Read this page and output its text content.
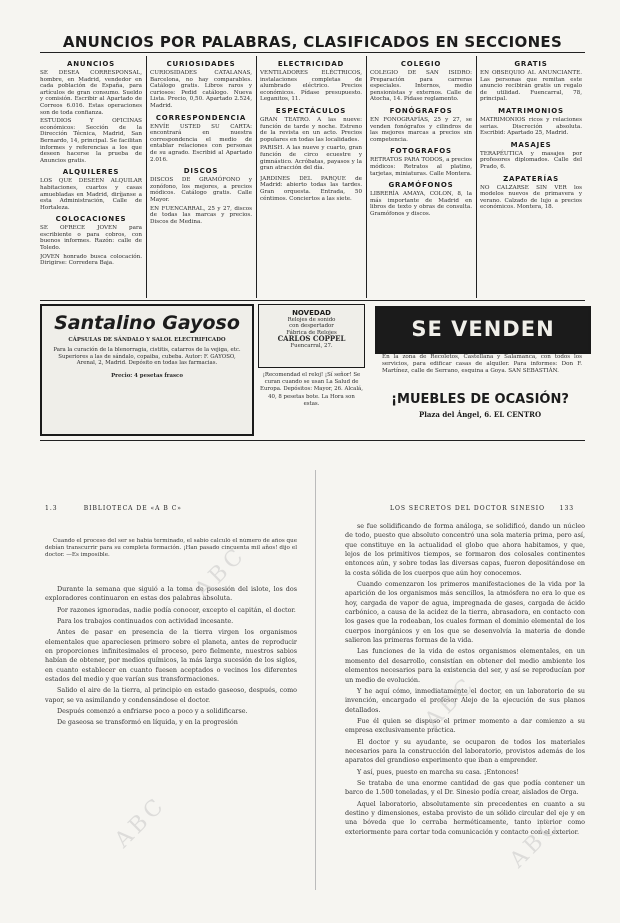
ANUNCIOS POR PALABRAS, CLASIFICADOS EN SECCIONES
ANUNCIOS
SE DESEA CORRESPONSAL, hombre, en Madrid, vendedor en cada población de España, para artículos de gran consumo. Sueldo y comisión. Escribir al Apartado de Correos 6.016. Estas operaciones son de toda confianza.
ESTUDIOS Y OFICINAS económicos: Sección de la Dirección Técnica, Madrid, San Bernardo, 14, principal. Se facilitan informes y referencias a los que deseen hacerse la prueba de Anuncios gratis.
ALQUILERES
LOS QUE DESEEN ALQUILAR habitaciones, cuartos y casas amuebladas en Madrid, diríjanse a esta Administración, Calle de Hortaleza.
COLOCACIONES
SE OFRECE JOVEN para escribiente o para cobros, con buenos informes. Razón: calle de Toledo.
JOVEN honrado busca colocación. Dirigirse: Corredera Baja.
CURIOSIDADES
CURIOSIDADES CATALANAS, Barcelona, no hay comparables. Catálogo gratis. Libros raros y curiosos: Pedid catálogo. Nueva Lista. Precio, 0,50. Apartado 2.524, Madrid.
CORRESPONDENCIA
ENVÍE USTED SU CARTA: encontrará en nuestra correspondencia el medio de entablar relaciones con personas de su agrado. Escribid al Apartado 2.016.
DISCOS
DISCOS DE GRAMÓFONO y zonófono, los mejores, a precios módicos. Catálogo gratis. Calle Mayor.
EN FUENCARRAL, 25 y 27, discos de todas las marcas y precios. Discos de Medina.
ELECTRICIDAD
VENTILADORES ELÉCTRICOS, instalaciones completas de alumbrado eléctrico. Precios económicos. Pídase presupuesto. Leganitos, 11.
ESPECTÁCULOS
GRAN TEATRO. A las nueve: función de tarde y noche. Estreno de la revista en un acto. Precios populares en todas las localidades.
PARISH. A las nueve y cuarto, gran función de circo ecuestre y gimnástico. Acróbatas, payasos y la gran atracción del día.
JARDINES DEL PARQUE de Madrid: abierto todas las tardes. Gran orquesta. Entrada, 50 céntimos. Conciertos a las siete.
COLEGIO
COLEGIO DE SAN ISIDRO: Preparación para carreras especiales. Internos, medio pensionistas y externos. Calle de Atocha, 14. Pídase reglamento.
FONÓGRAFOS
EN FONOGRAFÍAS, 25 y 27, se venden fonógrafos y cilindros de las mejores marcas a precios sin competencia.
FOTOGRAFOS
RETRATOS PARA TODOS, a precios módicos: Retratos al platino, tarjetas, miniaturas. Calle Montera.
GRAMÓFONOS
LIBRERÍA AMAYA, COLON, 8, la más importante de Madrid en libros de texto y obras de consulta. Gramófonos y discos.
GRATIS
EN OBSEQUIO AL ANUNCIANTE. Las personas que remitan este anuncio recibirán gratis un regalo de utilidad. Fuencarral, 78, principal.
MATRIMONIOS
MATRIMONIOS ricos y relaciones serias. Discreción absoluta. Escribid: Apartado 25, Madrid.
MASAJES
TERAPÉUTICA y masajes por profesores diplomados. Calle del Prado, 6.
ZAPATERÍAS
NO CALZARSE SIN VER los modelos nuevos de primavera y verano. Calzado de lujo a precios económicos. Montera, 18.
Santalino Gayoso
CÁPSULAS DE SÁNDALO Y SALOL ELECTRIFICADO
Para la curación de la blenorragia, cistitis, catarros de la vejiga, etc. Superiores a las de sándalo, copaiba, cubeba. Autor: F. GAYOSO, Arenal, 2, Madrid. Depósito en todas las farmacias.
Precio: 4 pesetas frasco
NOVEDAD
Relojes de sonido
con despertador
Fábrica de Relojes
CARLOS COPPEL
Fuencarral, 27.
¡Recomendad el reloj! ¡Sí señor! Se curan cuando se usan La Salud de Europa. Depósitos: Mayor, 26. Alcalá, 40, 8 pesetas bote. La Hora son estas.
SE VENDEN
En la zona de Recoletos, Castellana y Salamanca, con todos los servicios, para edificar casas de alquiler. Para informes: Don F. Martínez, calle de Serrano, esquina a Goya. SAN SEBASTIÁN.
¡MUEBLES DE OCASIÓN?
Plaza del Ángel, 6. EL CENTRO
1.3	BIBLIOTECA DE «A B C»	LOS SECRETOS DEL DOCTOR SINESIO 133

Durante la semana que siguió a la toma de posesión del islote, los dos exploradores continuaron en estas dos palabras absoluta.

Por razones ignoradas, nadie podía conocer, excepto el capitán, el doctor.

Para los trabajos continuados con actividad incesante.

Antes de pasar en presencia de la tierra virgen los organismos elementales que apareciesen primero sobre el planeta, antes de reproducir en proporciones infinitesimales el proceso, pero fielmente, nuestros sabios habían de obtener, por medios químicos, la más larga sucesión de los siglos, en cuanto establecer en cuanto fuesen aceptados o vecinos los diferentes estados del medio y que varían sus transformaciones.

Salido el aire de la tierra, al principio en estado gaseoso, después, como vapor, se va asimilando y condensándose el doctor.

Después comenzó a enfriarse poco a poco y a solidificarse.

De gaseosa se transformó en líquida, y en la progresión

Cuando el proceso del ser se había terminado, el sabio calculó el número de años que debían transcurrir para su completa formación. ¡Han pasado cincuenta mil años! dijo el doctor. —Es imposible.

se fue solidificando de forma análoga, se solidificó, dando un núcleo de todo, puesto que absoluto concentró una sola materia prima, pero así, que constituye en la actualidad el globo que ahora habitamos, y que, lejos de los primitivos tiempos, se formaron dos colosales continentes entonces aún, y sobre todas las diversas capas, fueron depositándose en la costa sólida de los cuerpos que aún hoy conocemos.

Cuando comenzaron los primeros manifestaciones de la vida por la aparición de los organismos más sencillos, la atmósfera no era lo que es hoy, cargada de vapor de agua, impregnada de gases, cargada de ácido carbónico, a causa de la acidez de la tierra, abrasadora, en contacto con los gases que la rodeaban, los cuales forman el dominio elemental de los cuerpos inorgánicos y en los que se desenvolvía la materia de donde salieron las primeras formas de la vida.

Las funciones de la vida de estos organismos elementales, en un momento del desarrollo, consistían en obtener del medio ambiente los elementos necesarios para la existencia del ser, y así se reproducían por un medio de evolución.

Y he aquí cómo, inmediatamente el doctor, en un laboratorio de su invención, encargado el profesor Alejo de la ejecución de sus planos detallados.

Fue él quien se dispuso el primer momento a dar comienzo a su empresa exclusivamente práctica.

El doctor y su ayudante, se ocuparon de todos los materiales necesarios para la construcción del laboratorio, provistos además de los aparatos del grandioso experimento que iban a emprender.

Y así, pues, puesto en marcha su casa. ¡Entonces!

Se trataba de una enorme cantidad de gas que podía contener un barco de 1.500 toneladas, y el Dr. Sinesio podía crear, aislados de Orga.

Aquel laboratorio, absolutamente sin precedentes en cuanto a su destino y dimensiones, estaba provisto de un sólido circular del eje y en una bóveda que lo cerraba herméticamente, tanto interior como exteriormente para cortar toda comunicación y contacto con el exterior.

ABC
ABC
ABC
ABC
